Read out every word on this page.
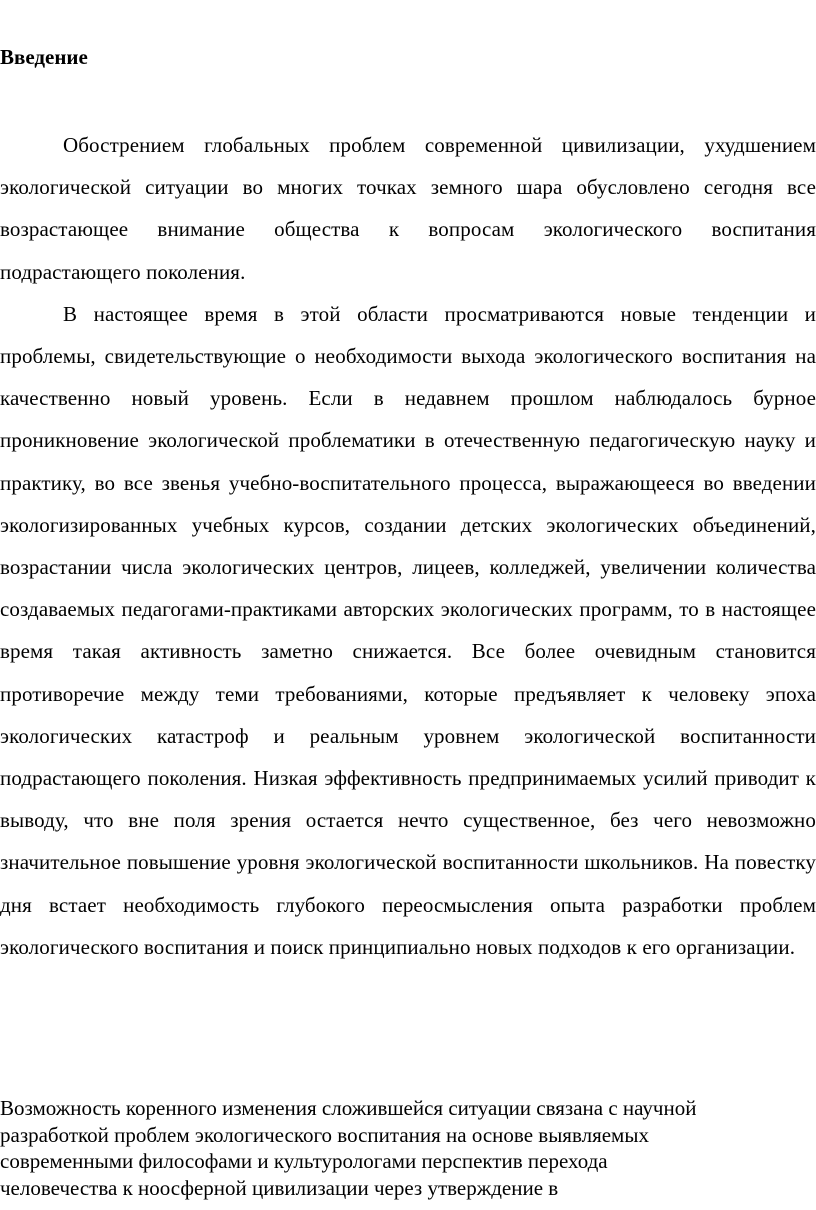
Введение

Обострением глобальных проблем современной цивилизации, ухудшением экологической ситуации во многих точках земного шара обусловлено сегодня все возрастающее внимание общества к вопросам экологического воспитания подрастающего поколения.

В настоящее время в этой области просматриваются новые тенденции и проблемы, свидетельствующие о необходимости выхода экологического воспитания на качественно новый уровень. Если в недавнем прошлом наблюдалось бурное проникновение экологической проблематики в отечественную педагогическую науку и практику, во все звенья учебно-воспитательного процесса, выражающееся во введении экологизированных учебных курсов, создании детских экологических объединений, возрастании числа экологических центров, лицеев, колледжей, увеличении количества создаваемых педагогами-практиками авторских экологических программ, то в настоящее время такая активность заметно снижается. Все более очевидным становится противоречие между теми требованиями, которые предъявляет к человеку эпоха экологических катастроф и реальным уровнем экологической воспитанности подрастающего поколения. Низкая эффективность предпринимаемых усилий приводит к выводу, что вне поля зрения остается нечто существенное, без чего невозможно значительное повышение уровня экологической воспитанности школьников. На повестку дня встает необходимость глубокого переосмысления опыта разработки проблем экологического воспитания и поиск принципиально новых подходов к его организации.

Возможность коренного изменения сложившейся ситуации связана с научной
разработкой проблем экологического воспитания на основе выявляемых
современными философами и культурологами перспектив перехода
человечества к ноосферной цивилизации через утверждение в
